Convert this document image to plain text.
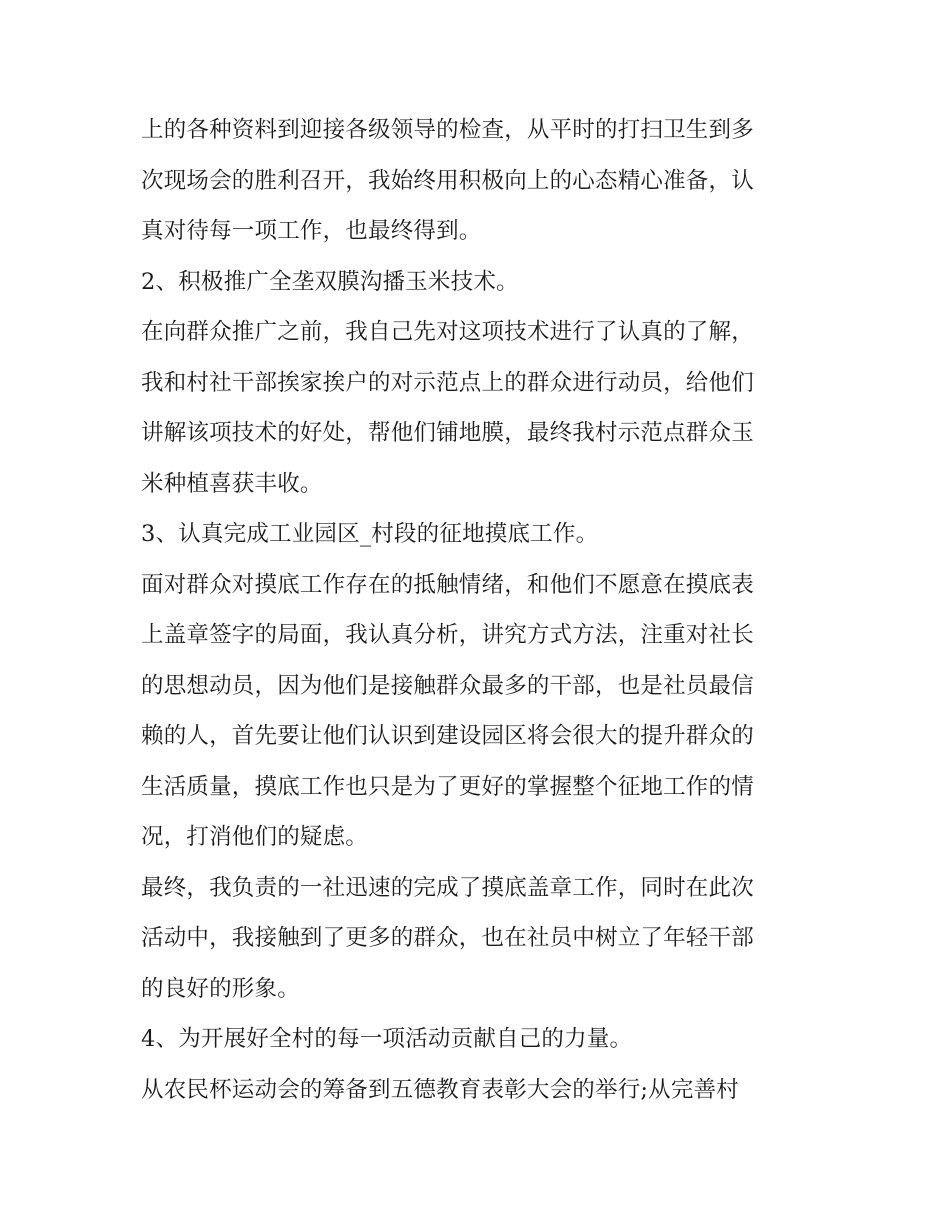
上的各种资料到迎接各级领导的检查，从平时的打扫卫生到多
次现场会的胜利召开，我始终用积极向上的心态精心准备，认
真对待每一项工作，也最终得到。
2、积极推广全垄双膜沟播玉米技术。
在向群众推广之前，我自己先对这项技术进行了认真的了解，
我和村社干部挨家挨户的对示范点上的群众进行动员，给他们
讲解该项技术的好处，帮他们铺地膜，最终我村示范点群众玉
米种植喜获丰收。
3、认真完成工业园区_村段的征地摸底工作。
面对群众对摸底工作存在的抵触情绪，和他们不愿意在摸底表
上盖章签字的局面，我认真分析，讲究方式方法，注重对社长
的思想动员，因为他们是接触群众最多的干部，也是社员最信
赖的人，首先要让他们认识到建设园区将会很大的提升群众的
生活质量，摸底工作也只是为了更好的掌握整个征地工作的情
况，打消他们的疑虑。
最终，我负责的一社迅速的完成了摸底盖章工作，同时在此次
活动中，我接触到了更多的群众，也在社员中树立了年轻干部
的良好的形象。
4、为开展好全村的每一项活动贡献自己的力量。
从农民杯运动会的筹备到五德教育表彰大会的举行;从完善村
